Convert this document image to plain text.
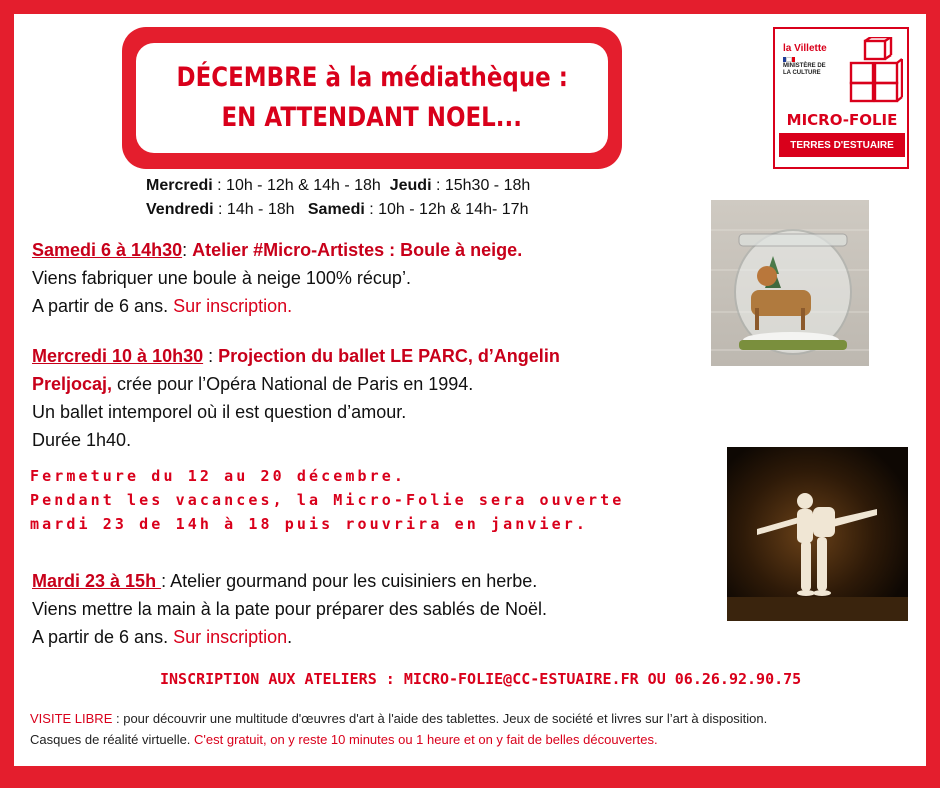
DÉCEMBRE à la médiathèque :
EN ATTENDANT NOEL...
la Villette
MINISTÈRE DE LA CULTURE
MICRO-FOLIE
TERRES D'ESTUAIRE
Mercredi : 10h - 12h & 14h - 18h Jeudi : 15h30 - 18h
Vendredi : 14h - 18h Samedi : 10h - 12h & 14h- 17h
Samedi 6 à 14h30: Atelier #Micro-Artistes : Boule à neige.
Viens fabriquer une boule à neige 100% récup’.
A partir de 6 ans. Sur inscription.
Mercredi 10 à 10h30 : Projection du ballet LE PARC, d’Angelin
Preljocaj, crée pour l’Opéra National de Paris en 1994.
Un ballet intemporel où il est question d’amour.
Durée 1h40.
Fermeture du 12 au 20 décembre.
Pendant les vacances, la Micro-Folie sera ouverte
mardi 23 de 14h à 18 puis rouvrira en janvier.
Mardi 23 à 15h : Atelier gourmand pour les cuisiniers en herbe.
Viens mettre la main à la pate pour préparer des sablés de Noël.
A partir de 6 ans. Sur inscription.
INSCRIPTION AUX ATELIERS : MICRO-FOLIE@CC-ESTUAIRE.FR OU 06.26.92.90.75
VISITE LIBRE : pour découvrir une multitude d'œuvres d'art à l'aide des tablettes. Jeux de société et livres sur l’art à disposition.
Casques de réalité virtuelle. C'est gratuit, on y reste 10 minutes ou 1 heure et on y fait de belles découvertes.
